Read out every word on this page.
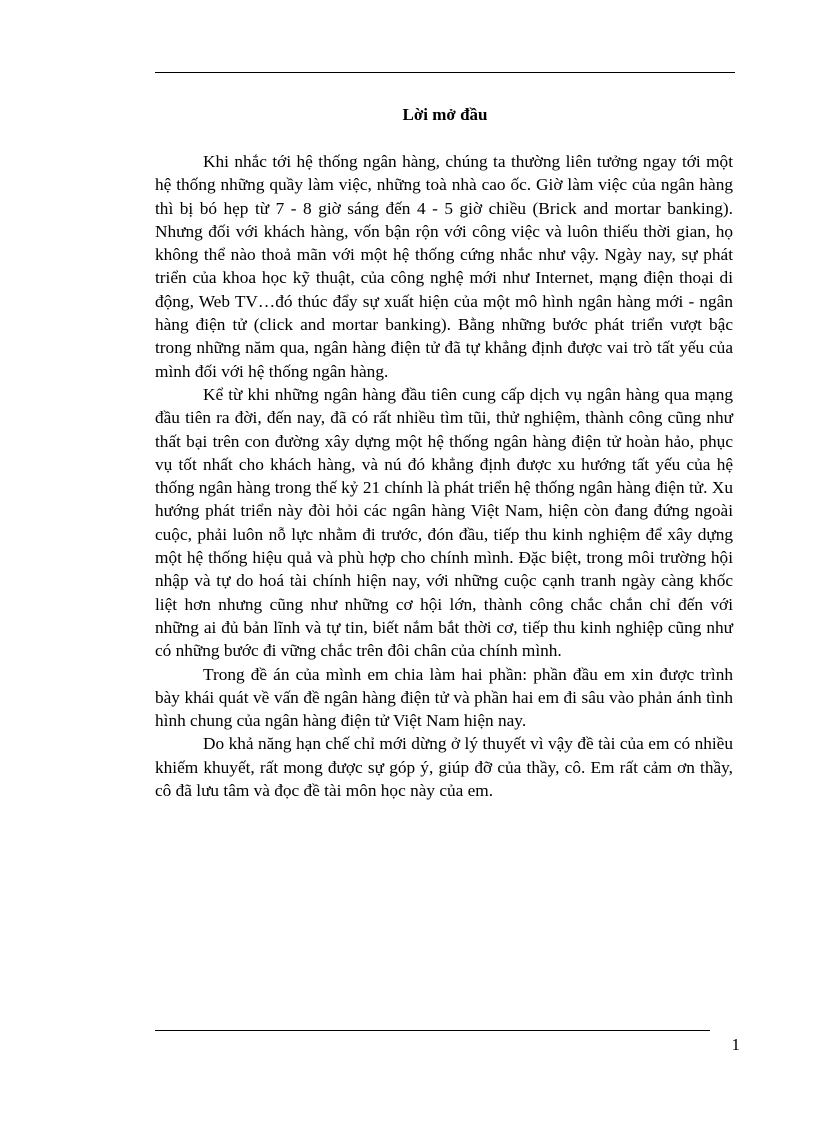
Lời mở đầu

Khi nhắc tới hệ thống ngân hàng, chúng ta thường liên tưởng ngay tới một hệ thống những quầy làm việc, những toà nhà cao ốc. Giờ làm việc của ngân hàng thì bị bó hẹp từ 7 - 8 giờ sáng đến 4 - 5 giờ chiều (Brick and mortar banking). Nhưng đối với khách hàng, vốn bận rộn với công việc và luôn thiếu thời gian, họ không thể nào thoả mãn với một hệ thống cứng nhắc như vậy. Ngày nay, sự phát triển của khoa học kỹ thuật, của công nghệ mới như Internet, mạng điện thoại di động, Web TV…đó thúc đẩy sự xuất hiện của một mô hình ngân hàng mới - ngân hàng điện tử (click and mortar banking). Bằng những bước phát triển vượt bậc trong những năm qua, ngân hàng điện tử đã tự khẳng định được vai trò tất yếu của mình đối với hệ thống ngân hàng.

Kể từ khi những ngân hàng đầu tiên cung cấp dịch vụ ngân hàng qua mạng đầu tiên ra đời, đến nay, đã có rất nhiều tìm tũi, thử nghiệm, thành công cũng như thất bại trên con đường xây dựng một hệ thống ngân hàng điện tử hoàn hảo, phục vụ tốt nhất cho khách hàng, và nú đó khẳng định được xu hướng tất yếu của hệ thống ngân hàng trong thế kỷ 21 chính là phát triển hệ thống ngân hàng điện tử. Xu hướng phát triển này đòi hỏi các ngân hàng Việt Nam, hiện còn đang đứng ngoài cuộc, phải luôn nỗ lực nhằm đi trước, đón đầu, tiếp thu kinh nghiệm để xây dựng một hệ thống hiệu quả và phù hợp cho chính mình. Đặc biệt, trong môi trường hội nhập và tự do hoá tài chính hiện nay, với những cuộc cạnh tranh ngày càng khốc liệt hơn nhưng cũng như những cơ hội lớn, thành công chắc chắn chỉ đến với những ai đủ bản lĩnh và tự tin, biết nắm bắt thời cơ, tiếp thu kinh nghiệp cũng như có những bước đi vững chắc trên đôi chân của chính mình.

Trong đề án của mình em chia làm hai phần: phần đầu em xin được trình bày khái quát về vấn đề ngân hàng điện tử và phần hai em đi sâu vào phản ánh tình hình chung của ngân hàng điện tử Việt Nam hiện nay.

Do khả năng hạn chế chỉ mới dừng ở lý thuyết vì vậy đề tài của em có nhiều khiếm khuyết, rất mong được sự góp ý, giúp đỡ của thầy, cô. Em rất cảm ơn thầy, cô đã lưu tâm và đọc đề tài môn học này của em.

1
